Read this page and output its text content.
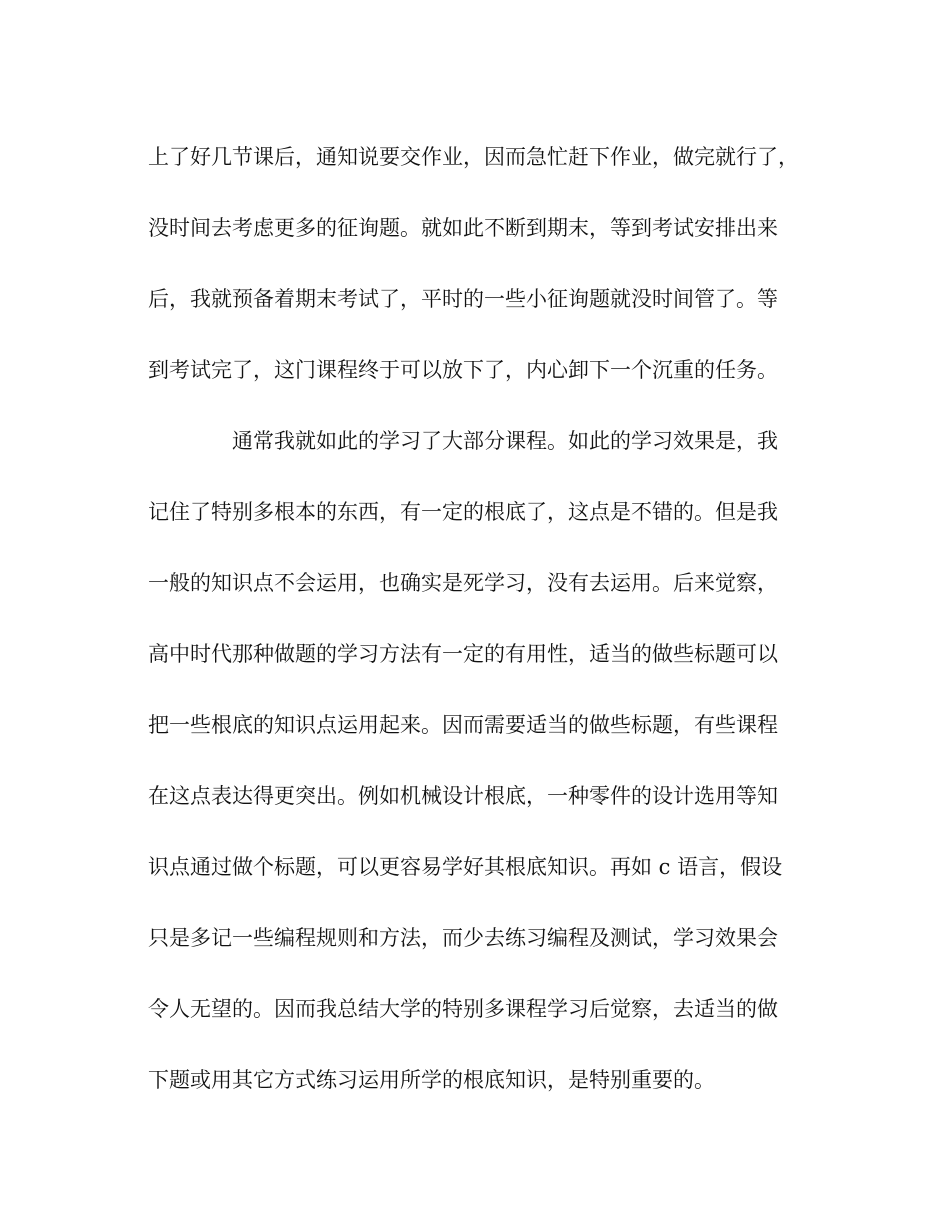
上了好几节课后，通知说要交作业，因而急忙赶下作业，做完就行了，
没时间去考虑更多的征询题。就如此不断到期末，等到考试安排出来
后，我就预备着期末考试了，平时的一些小征询题就没时间管了。等
到考试完了，这门课程终于可以放下了，内心卸下一个沉重的任务。
通常我就如此的学习了大部分课程。如此的学习效果是，我
记住了特别多根本的东西，有一定的根底了，这点是不错的。但是我
一般的知识点不会运用，也确实是死学习，没有去运用。后来觉察，
高中时代那种做题的学习方法有一定的有用性，适当的做些标题可以
把一些根底的知识点运用起来。因而需要适当的做些标题，有些课程
在这点表达得更突出。例如机械设计根底，一种零件的设计选用等知
识点通过做个标题，可以更容易学好其根底知识。再如 c 语言，假设
只是多记一些编程规则和方法，而少去练习编程及测试，学习效果会
令人无望的。因而我总结大学的特别多课程学习后觉察，去适当的做
下题或用其它方式练习运用所学的根底知识，是特别重要的。
